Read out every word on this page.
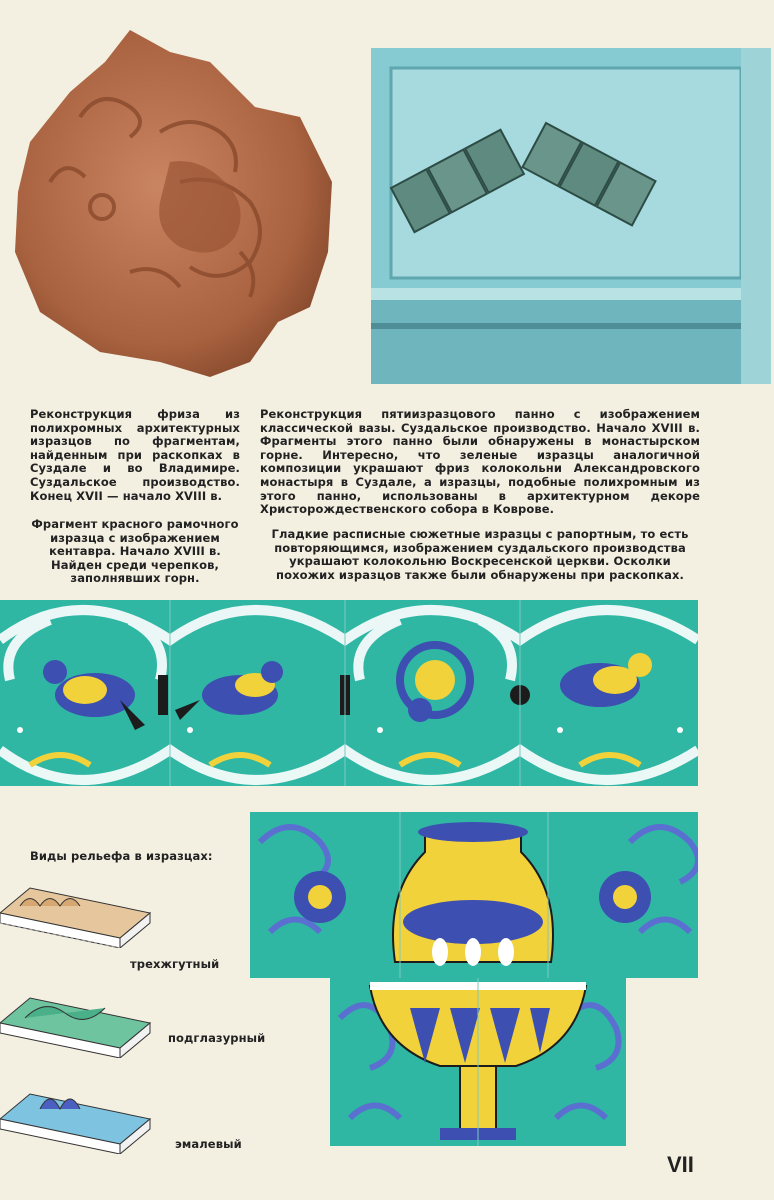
Реконструкция фриза из полихромных архитектурных изразцов по фрагментам, найденным при раскопках в Суздале и во Владимире. Суздальское производство. Конец XVII — начало XVIII в.
Фрагмент красного рамочного изразца с изображением кентавра. Начало XVIII в. Найден среди черепков, заполнявших горн.
Реконструкция пятиизразцового панно с изображением классической вазы. Суздальское производство. Начало XVIII в. Фрагменты этого панно были обнаружены в монастырском горне. Интересно, что зеленые изразцы аналогичной композиции украшают фриз колокольни Александровского монастыря в Суздале, а изразцы, подобные полихромным из этого панно, использованы в архитектурном декоре Христорождественского собора в Коврове.
Гладкие расписные сюжетные изразцы с рапортным, то есть повторяющимся, изображением суздальского производства украшают колокольню Воскресенской церкви. Осколки похожих изразцов также были обнаружены при раскопках.
Виды рельефа в изразцах:
трехжгутный
подглазурный
эмалевый
VII
